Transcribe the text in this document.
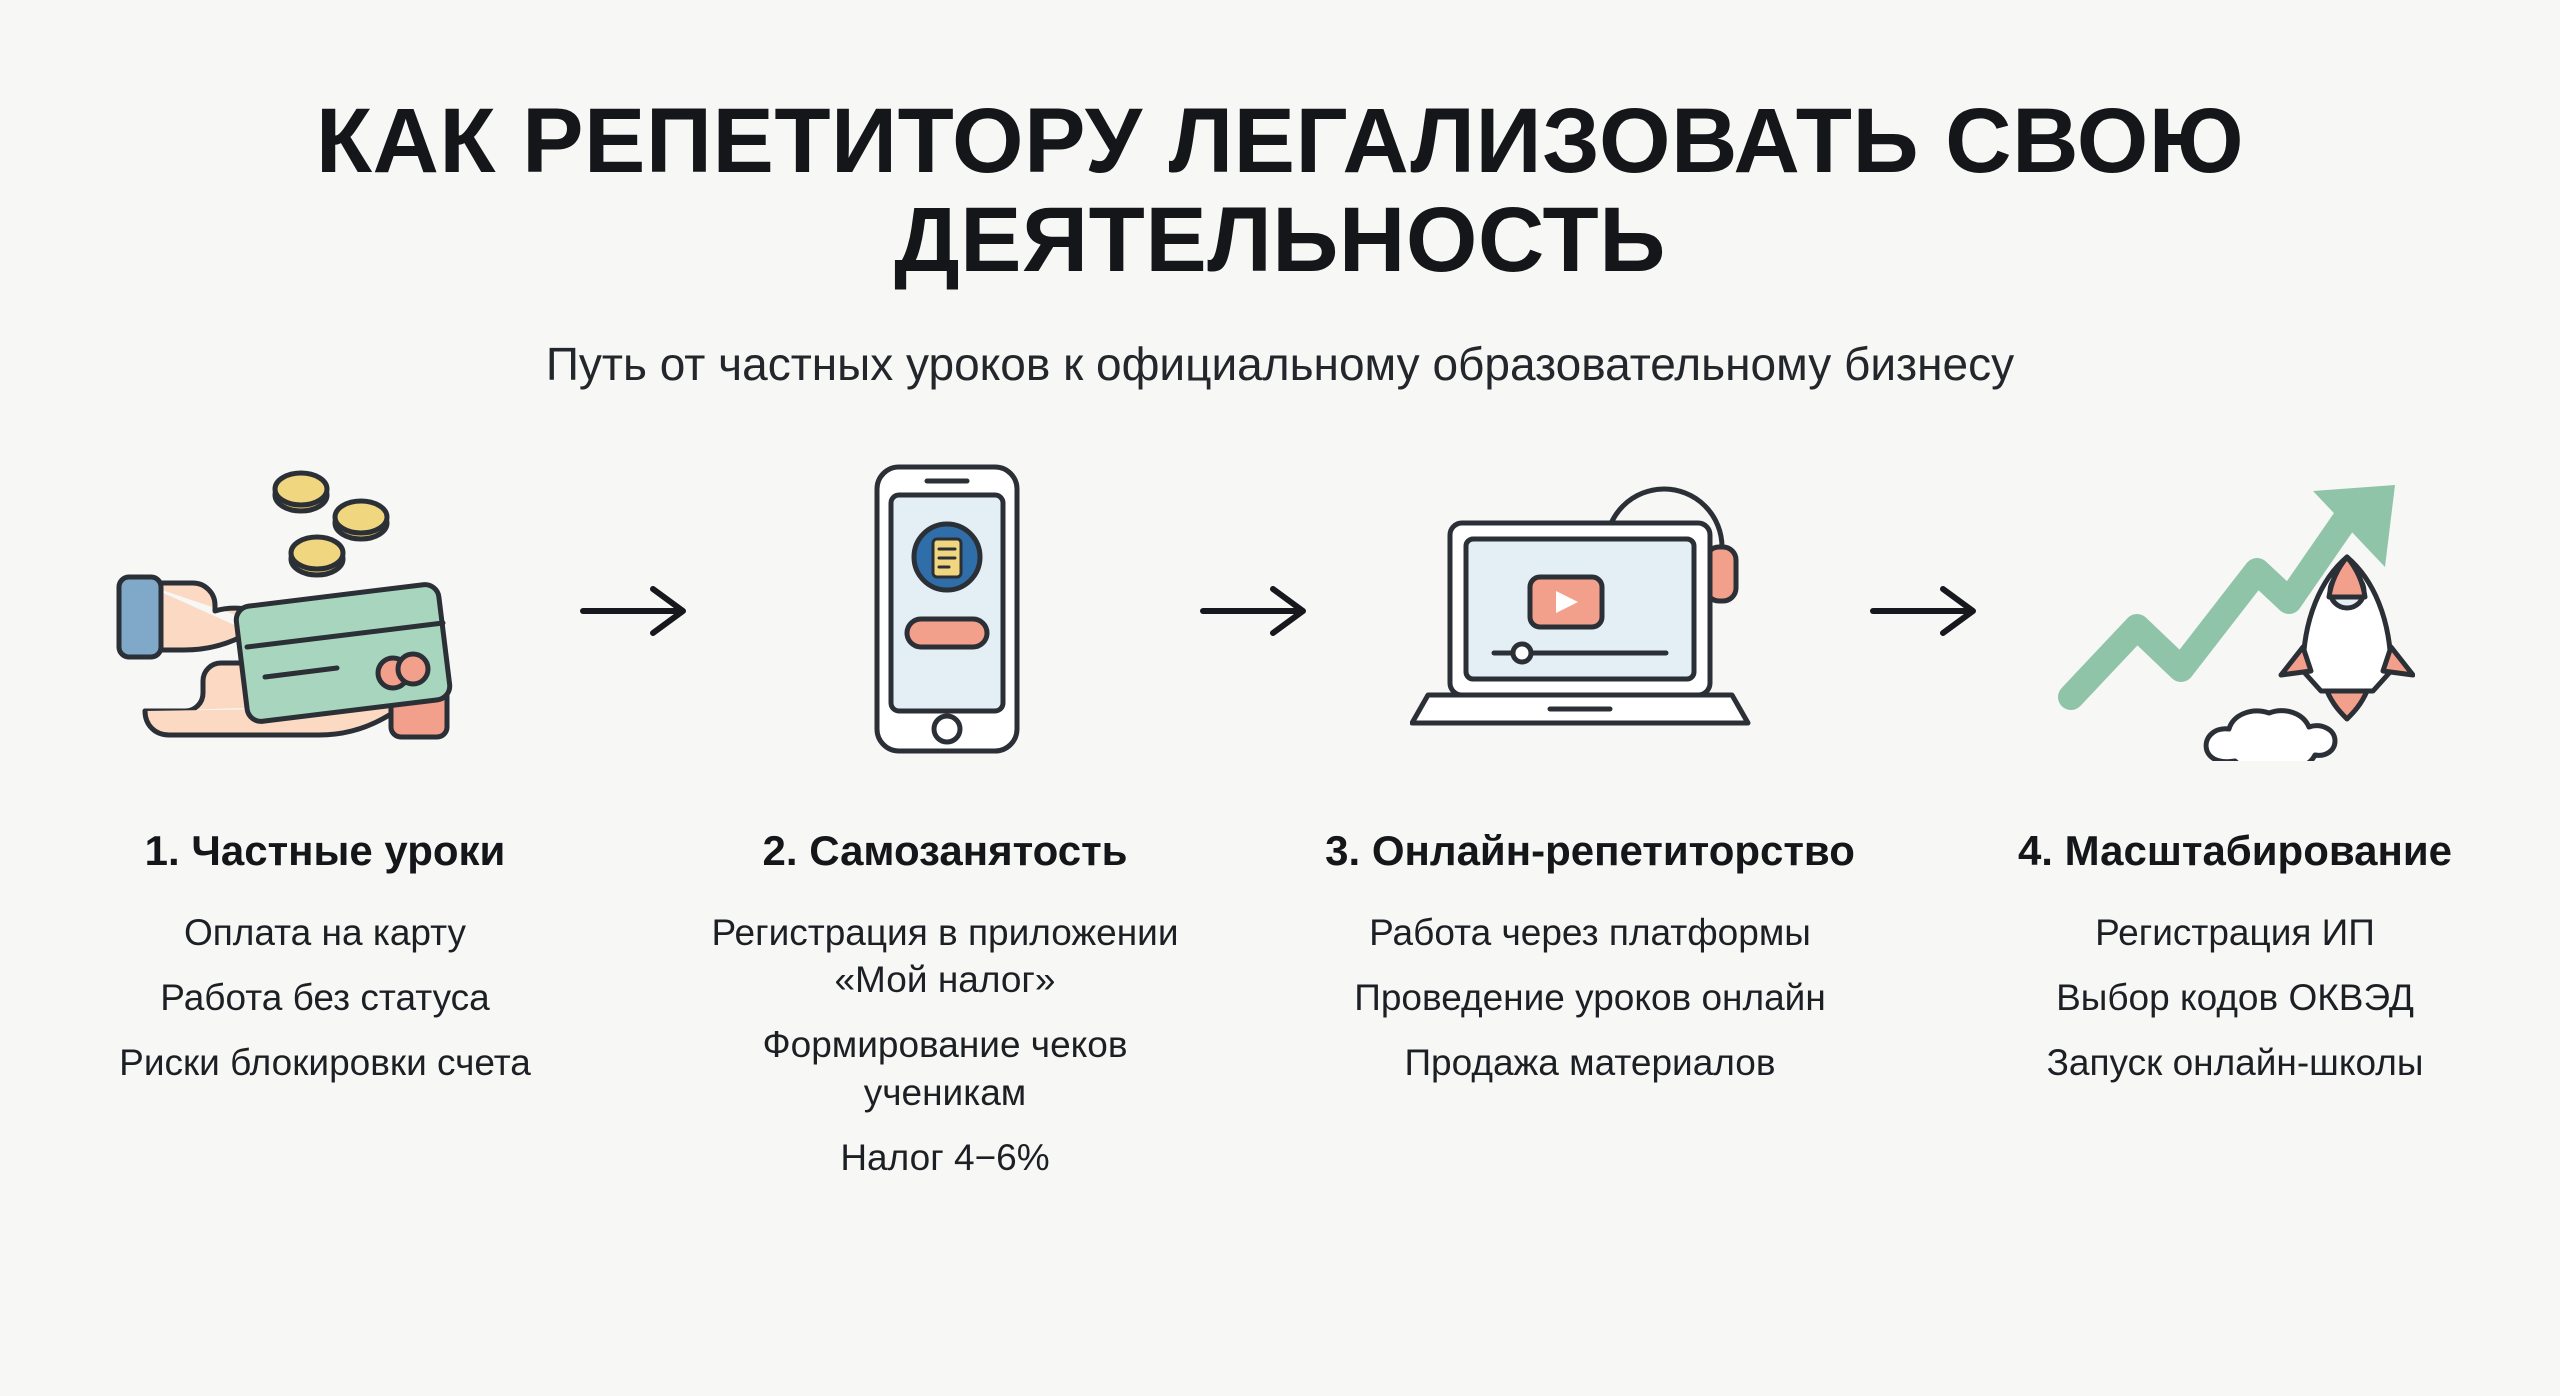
КАК РЕПЕТИТОРУ ЛЕГАЛИЗОВАТЬ СВОЮ ДЕЯТЕЛЬНОСТЬ
Путь от частных уроков к официальному образовательному бизнесу
1. Частные уроки
Оплата на карту
Работа без статуса
Риски блокировки счета
2. Самозанятость
Регистрация в приложении «Мой налог»
Формирование чеков ученикам
Налог 4−6%
3. Онлайн-репетиторство
Работа через платформы
Проведение уроков онлайн
Продажа материалов
4. Масштабирование
Регистрация ИП
Выбор кодов ОКВЭД
Запуск онлайн-школы
